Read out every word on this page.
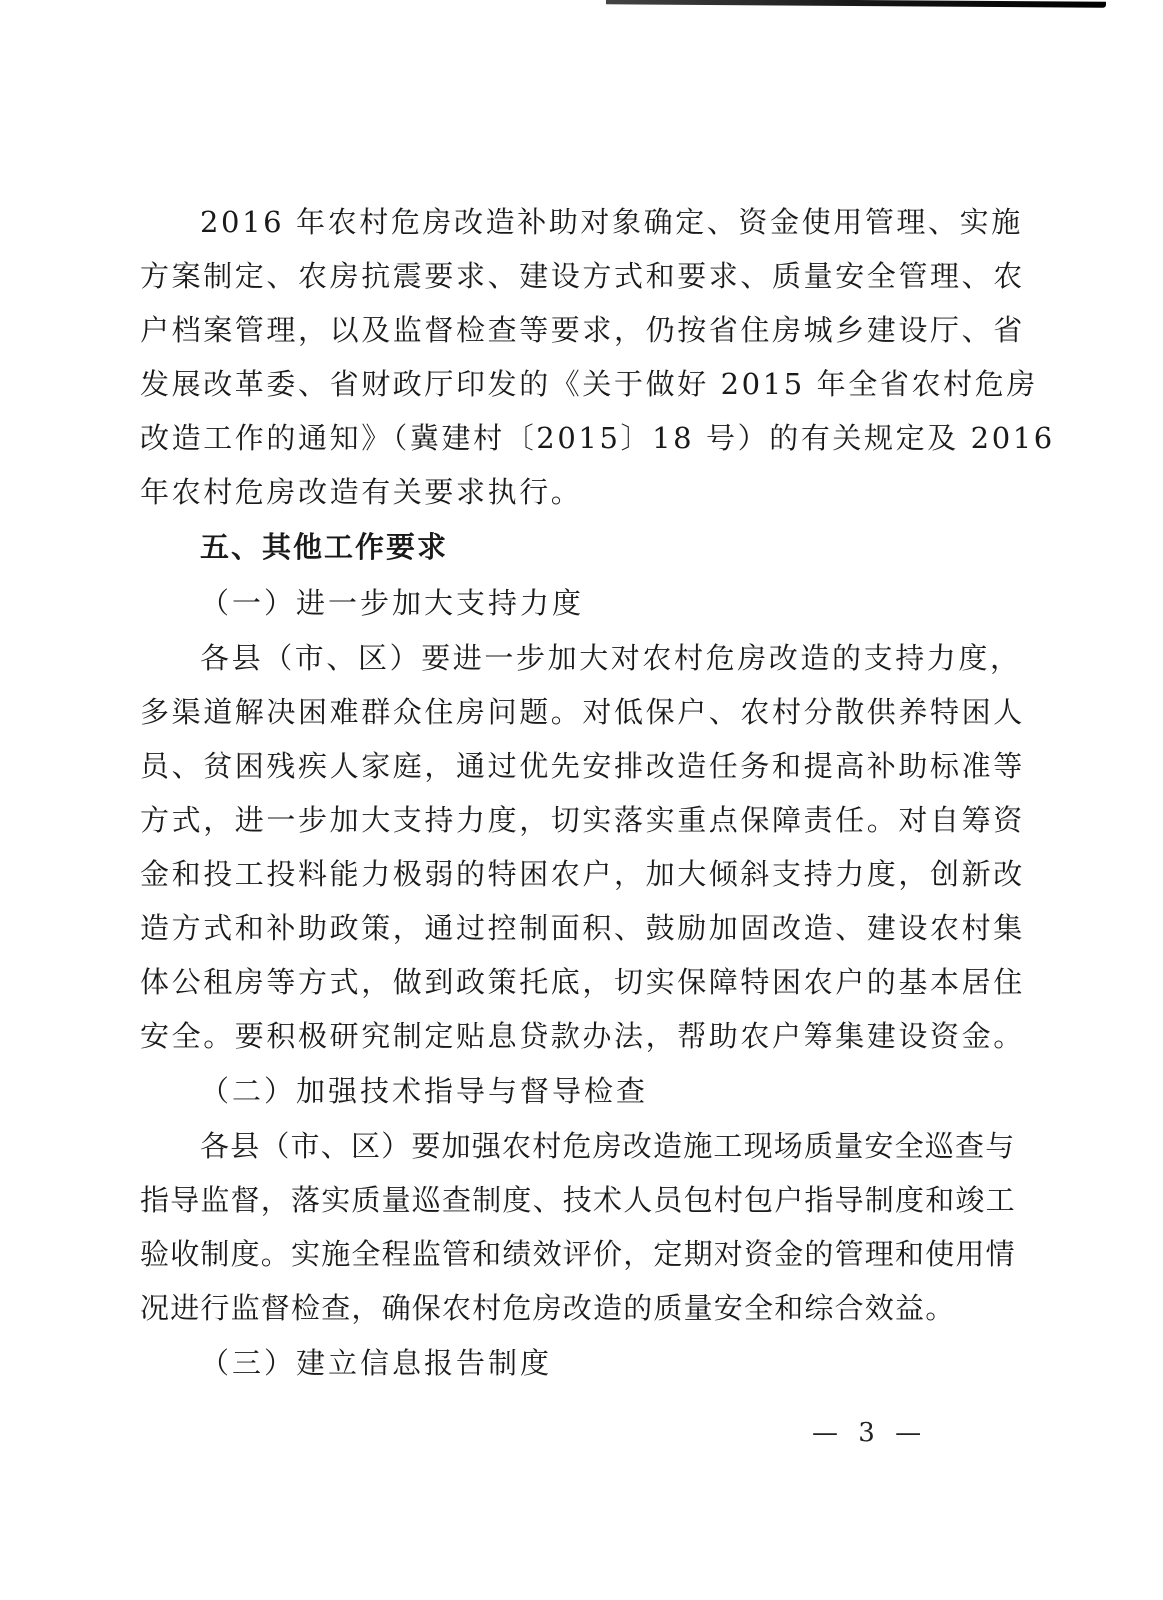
2016 年农村危房改造补助对象确定、资金使用管理、实施
方案制定、农房抗震要求、建设方式和要求、质量安全管理、农
户档案管理，以及监督检查等要求，仍按省住房城乡建设厅、省
发展改革委、省财政厅印发的《关于做好 2015 年全省农村危房
改造工作的通知》（冀建村〔2015〕18 号）的有关规定及 2016
年农村危房改造有关要求执行。
五、其他工作要求
（一）进一步加大支持力度
各县（市、区）要进一步加大对农村危房改造的支持力度，
多渠道解决困难群众住房问题。对低保户、农村分散供养特困人
员、贫困残疾人家庭，通过优先安排改造任务和提高补助标准等
方式，进一步加大支持力度，切实落实重点保障责任。对自筹资
金和投工投料能力极弱的特困农户，加大倾斜支持力度，创新改
造方式和补助政策，通过控制面积、鼓励加固改造、建设农村集
体公租房等方式，做到政策托底，切实保障特困农户的基本居住
安全。要积极研究制定贴息贷款办法，帮助农户筹集建设资金。
（二）加强技术指导与督导检查
各县（市、区）要加强农村危房改造施工现场质量安全巡查与
指导监督，落实质量巡查制度、技术人员包村包户指导制度和竣工
验收制度。实施全程监管和绩效评价，定期对资金的管理和使用情
况进行监督检查，确保农村危房改造的质量安全和综合效益。
（三）建立信息报告制度
— 3 —
